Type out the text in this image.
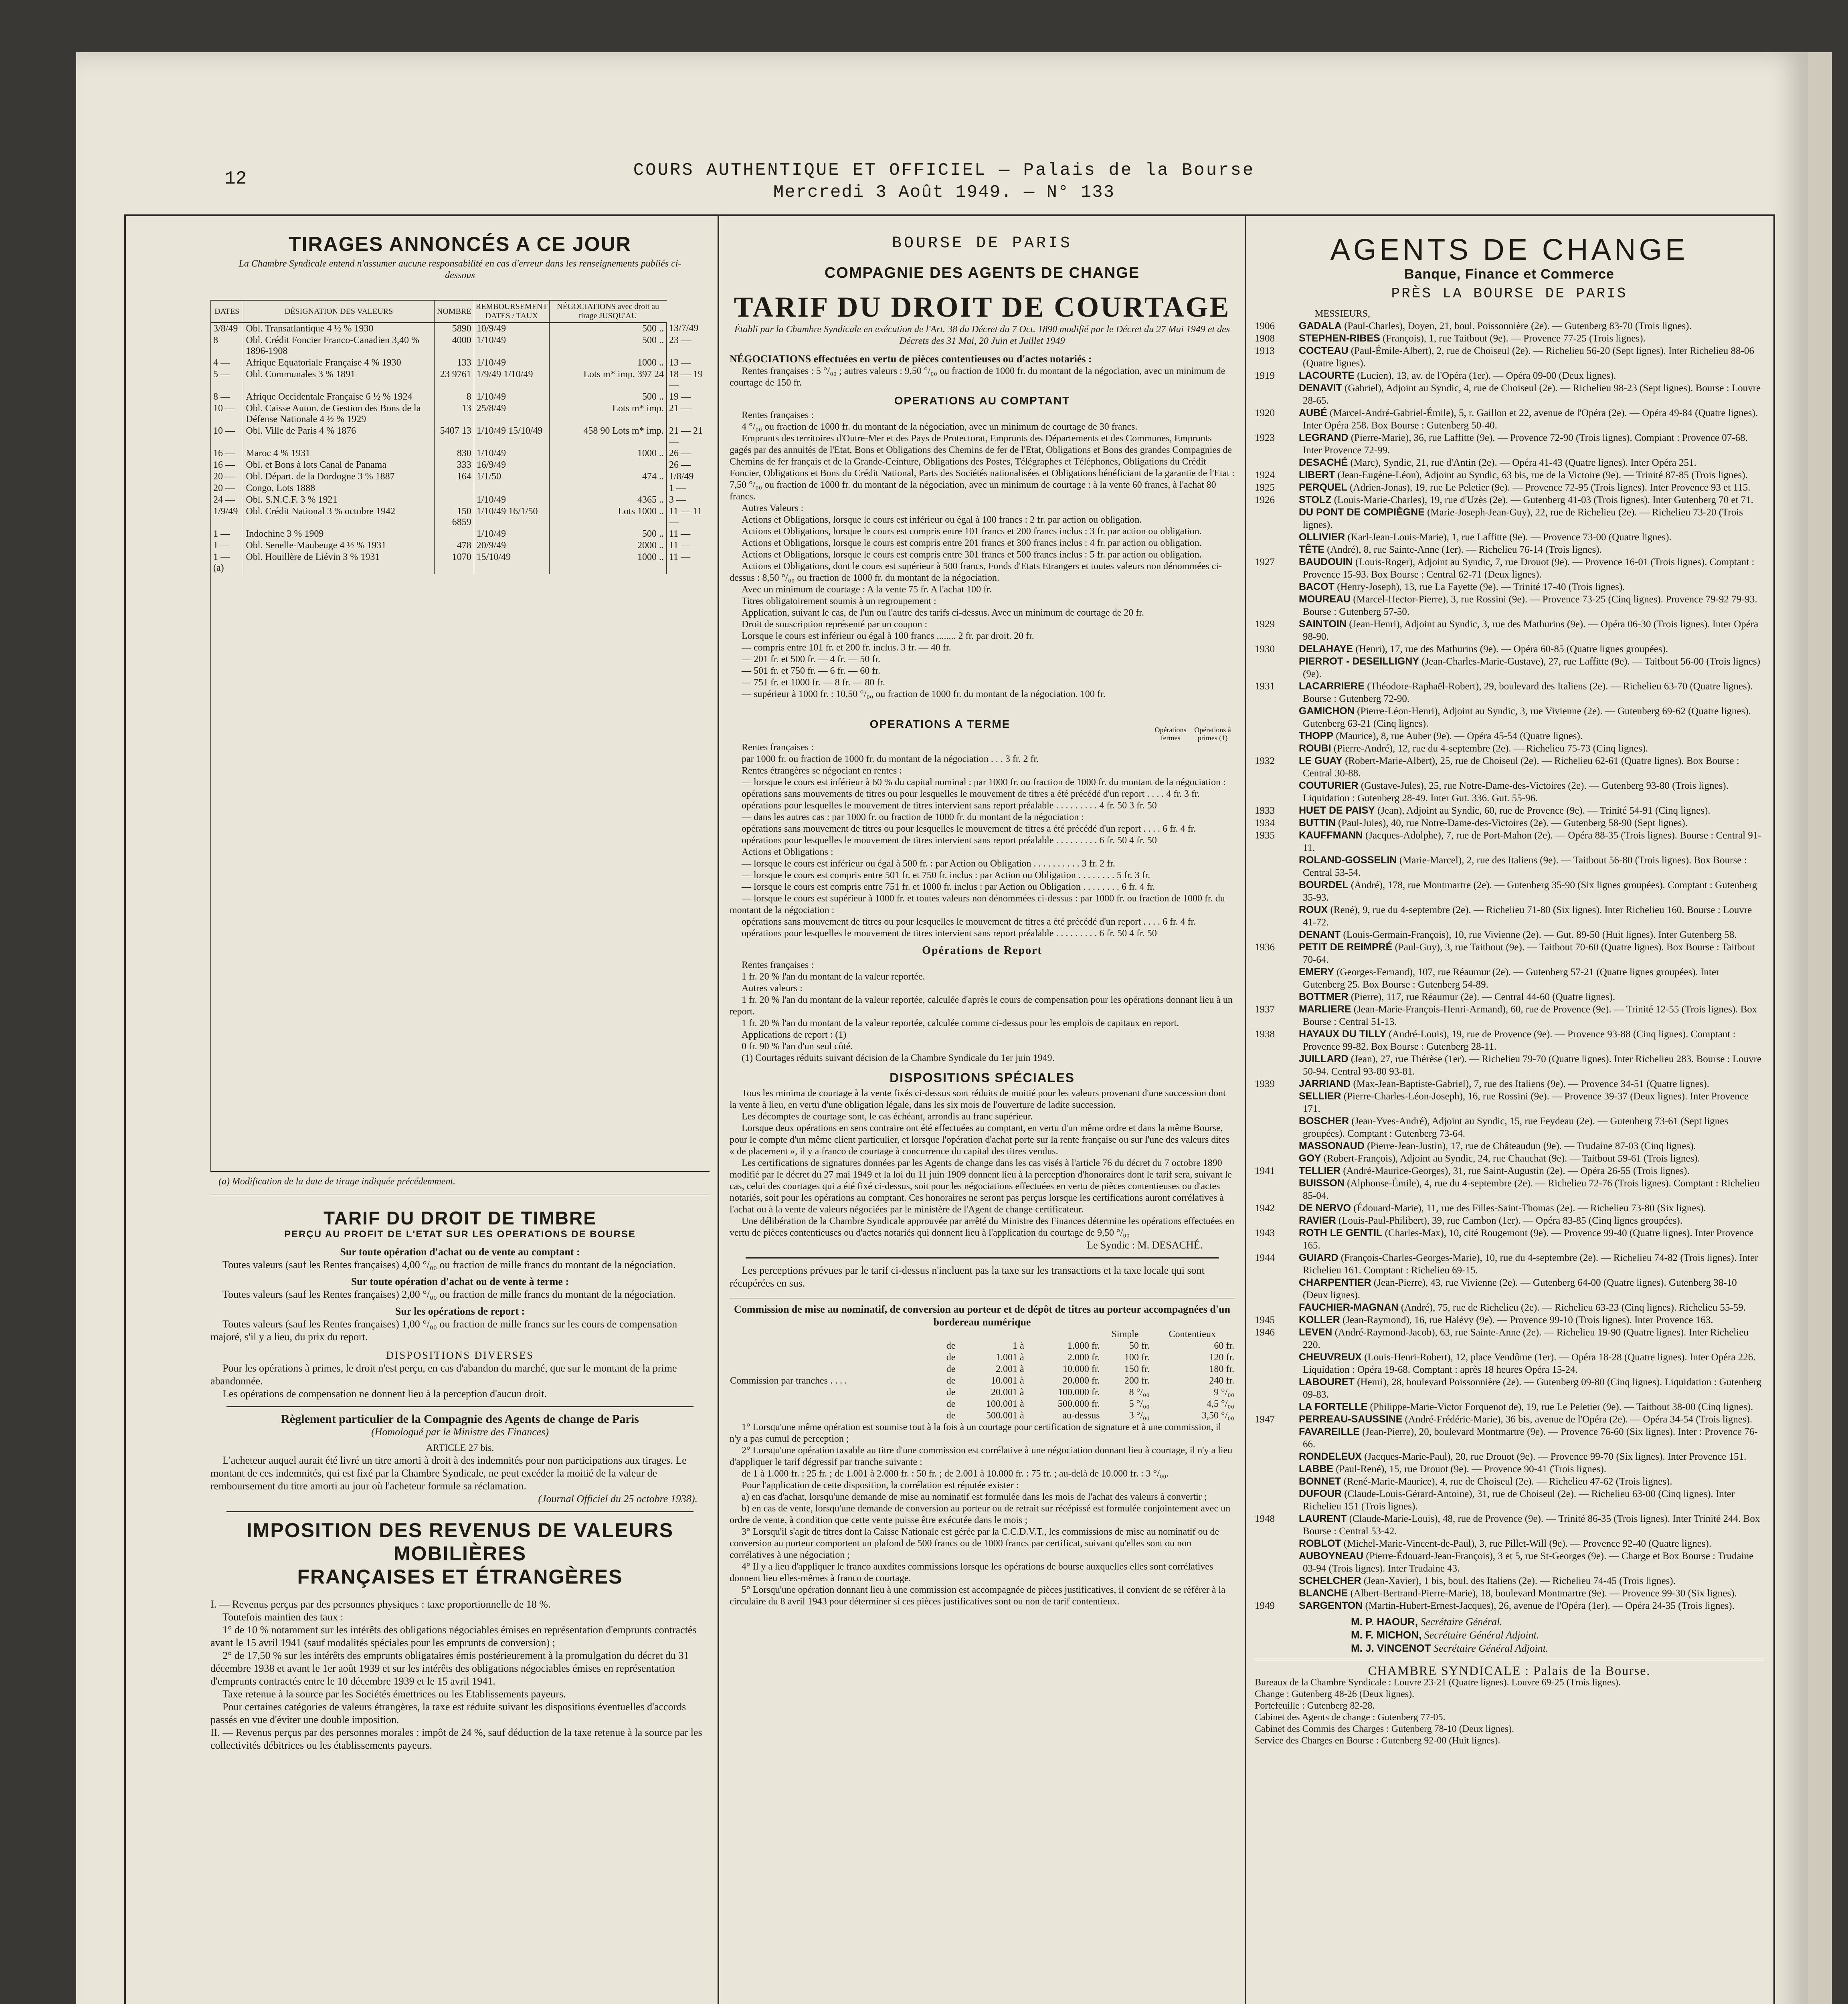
12	COURS AUTHENTIQUE ET OFFICIEL — Palais de la Bourse
Mercredi 3 Août 1949. — N° 133
TIRAGES ANNONCÉS A CE JOUR

La Chambre Syndicale entend n'assumer aucune responsabilité en cas d'erreur dans les renseignements publiés ci-dessous

DATES	DÉSIGNATION DES VALEURS	NOMBRE	REMBOURSEMENT
DATES / TAUX	NÉGOCIATIONS avec droit au tirage JUSQU'AU	
3/8/49	Obl. Transatlantique 4 ½ % 1930	5890	10/9/49	500 ..	13/7/49
8	Obl. Crédit Foncier Franco-Canadien 3,40 % 1896-1908	4000	1/10/49	500 ..	23 —
4 —	Afrique Equatoriale Française 4 % 1930	133	1/10/49	1000 ..	13 —
5 —	Obl. Communales 3 % 1891	23 9761	1/9/49 1/10/49	Lots m* imp. 397 24	18 — 19 —
8 —	Afrique Occidentale Française 6 ½ % 1924	8	1/10/49	500 ..	19 —
10 —	Obl. Caisse Auton. de Gestion des Bons de la Défense Nationale 4 ½ % 1929	13	25/8/49	Lots m* imp.	21 —
10 —	Obl. Ville de Paris 4 % 1876	5407 13	1/10/49 15/10/49	458 90 Lots m* imp.	21 — 21 —
16 —	Maroc 4 % 1931	830	1/10/49	1000 ..	26 —
16 —	Obl. et Bons à lots Canal de Panama	333	16/9/49		26 —
20 —	Obl. Départ. de la Dordogne 3 % 1887	164	1/1/50	474 ..	1/8/49
20 —	Congo, Lots 1888				1 —
24 —	Obl. S.N.C.F. 3 % 1921		1/10/49	4365 ..	3 —
1/9/49	Obl. Crédit National 3 % octobre 1942	150 6859	1/10/49 16/1/50	Lots 1000 ..	11 — 11 —
1 —	Indochine 3 % 1909		1/10/49	500 ..	11 —
1 —	Obl. Senelle-Maubeuge 4 ½ % 1931	478	20/9/49	2000 ..	11 —
1 — (a)	Obl. Houillère de Liévin 3 % 1931	1070	15/10/49	1000 ..	11 —

(a) Modification de la date de tirage indiquée précédemment.

TARIF DU DROIT DE TIMBRE
PERÇU AU PROFIT DE L'ETAT SUR LES OPERATIONS DE BOURSE

Sur toute opération d'achat ou de vente au comptant :

Toutes valeurs (sauf les Rentes françaises) 4,00 °/₀₀ ou fraction de mille francs du montant de la négociation.

Sur toute opération d'achat ou de vente à terme :

Toutes valeurs (sauf les Rentes françaises) 2,00 °/₀₀ ou fraction de mille francs du montant de la négociation.

Sur les opérations de report :

Toutes valeurs (sauf les Rentes françaises) 1,00 °/₀₀ ou fraction de mille francs sur les cours de compensation majoré, s'il y a lieu, du prix du report.

DISPOSITIONS DIVERSES

Pour les opérations à primes, le droit n'est perçu, en cas d'abandon du marché, que sur le montant de la prime abandonnée.

Les opérations de compensation ne donnent lieu à la perception d'aucun droit.

Règlement particulier de la Compagnie des Agents de change de Paris

(Homologué par le Ministre des Finances)

ARTICLE 27 bis.

L'acheteur auquel aurait été livré un titre amorti à droit à des indemnités pour non participations aux tirages. Le montant de ces indemnités, qui est fixé par la Chambre Syndicale, ne peut excéder la moitié de la valeur de remboursement du titre amorti au jour où l'acheteur formule sa réclamation.

(Journal Officiel du 25 octobre 1938).

IMPOSITION DES REVENUS DE VALEURS MOBILIÈRES
FRANÇAISES ET ÉTRANGÈRES

I. — Revenus perçus par des personnes physiques : taxe proportionnelle de 18 %.

Toutefois maintien des taux :

1° de 10 % notamment sur les intérêts des obligations négociables émises en représentation d'emprunts contractés avant le 15 avril 1941 (sauf modalités spéciales pour les emprunts de conversion) ;

2° de 17,50 % sur les intérêts des emprunts obligataires émis postérieurement à la promulgation du décret du 31 décembre 1938 et avant le 1er août 1939 et sur les intérêts des obligations négociables émises en représentation d'emprunts contractés entre le 10 décembre 1939 et le 15 avril 1941.

Taxe retenue à la source par les Sociétés émettrices ou les Etablissements payeurs.

Pour certaines catégories de valeurs étrangères, la taxe est réduite suivant les dispositions éventuelles d'accords passés en vue d'éviter une double imposition.

II. — Revenus perçus par des personnes morales : impôt de 24 %, sauf déduction de la taxe retenue à la source par les collectivités débitrices ou les établissements payeurs.

BOURSE DE PARIS
COMPAGNIE DES AGENTS DE CHANGE
TARIF DU DROIT DE COURTAGE

Établi par la Chambre Syndicale en exécution de l'Art. 38 du Décret du 7 Oct. 1890 modifié par le Décret du 27 Mai 1949 et des Décrets des 31 Mai, 20 Juin et Juillet 1949

NÉGOCIATIONS effectuées en vertu de pièces contentieuses ou d'actes notariés :

Rentes françaises : 5 °/₀₀ ; autres valeurs : 9,50 °/₀₀ ou fraction de 1000 fr. du montant de la négociation, avec un minimum de courtage de 150 fr.

OPERATIONS AU COMPTANT

Rentes françaises :

4 °/₀₀ ou fraction de 1000 fr. du montant de la négociation, avec un minimum de courtage de 30 francs.

Emprunts des territoires d'Outre-Mer et des Pays de Protectorat, Emprunts des Départements et des Communes, Emprunts gagés par des annuités de l'Etat, Bons et Obligations des Chemins de fer de l'Etat, Obligations et Bons des grandes Compagnies de Chemins de fer français et de la Grande-Ceinture, Obligations des Postes, Télégraphes et Téléphones, Obligations du Crédit Foncier, Obligations et Bons du Crédit National, Parts des Sociétés nationalisées et Obligations bénéficiant de la garantie de l'Etat : 7,50 °/₀₀ ou fraction de 1000 fr. du montant de la négociation, avec un minimum de courtage : à la vente 60 francs, à l'achat 80 francs.

Autres Valeurs :

Actions et Obligations, lorsque le cours est inférieur ou égal à 100 francs : 2 fr. par action ou obligation.

Actions et Obligations, lorsque le cours est compris entre 101 francs et 200 francs inclus : 3 fr. par action ou obligation.

Actions et Obligations, lorsque le cours est compris entre 201 francs et 300 francs inclus : 4 fr. par action ou obligation.

Actions et Obligations, lorsque le cours est compris entre 301 francs et 500 francs inclus : 5 fr. par action ou obligation.

Actions et Obligations, dont le cours est supérieur à 500 francs, Fonds d'Etats Etrangers et toutes valeurs non dénommées ci-dessus : 8,50 °/₀₀ ou fraction de 1000 fr. du montant de la négociation.

Avec un minimum de courtage : A la vente 75 fr. A l'achat 100 fr.

Titres obligatoirement soumis à un regroupement :

Application, suivant le cas, de l'un ou l'autre des tarifs ci-dessus. Avec un minimum de courtage de 20 fr.

Droit de souscription représenté par un coupon :

Lorsque le cours est inférieur ou égal à 100 francs ........ 2 fr. par droit. 20 fr.

— compris entre 101 fr. et 200 fr. inclus. 3 fr. — 40 fr.

— 201 fr. et 500 fr. — 4 fr. — 50 fr.

— 501 fr. et 750 fr. — 6 fr. — 60 fr.

— 751 fr. et 1000 fr. — 8 fr. — 80 fr.

— supérieur à 1000 fr. : 10,50 °/₀₀ ou fraction de 1000 fr. du montant de la négociation. 100 fr.

OPERATIONS A TERME	Opérations fermes

Opérations à primes (1)

Rentes françaises :

par 1000 fr. ou fraction de 1000 fr. du montant de la négociation . . . 3 fr. 2 fr.

Rentes étrangères se négociant en rentes :

— lorsque le cours est inférieur à 60 % du capital nominal : par 1000 fr. ou fraction de 1000 fr. du montant de la négociation :

opérations sans mouvements de titres ou pour lesquelles le mouvement de titres a été précédé d'un report . . . . 4 fr. 3 fr.

opérations pour lesquelles le mouvement de titres intervient sans report préalable . . . . . . . . . 4 fr. 50 3 fr. 50

— dans les autres cas : par 1000 fr. ou fraction de 1000 fr. du montant de la négociation :

opérations sans mouvement de titres ou pour lesquelles le mouvement de titres a été précédé d'un report . . . . 6 fr. 4 fr.

opérations pour lesquelles le mouvement de titres intervient sans report préalable . . . . . . . . . 6 fr. 50 4 fr. 50

Actions et Obligations :

— lorsque le cours est inférieur ou égal à 500 fr. : par Action ou Obligation . . . . . . . . . . 3 fr. 2 fr.

— lorsque le cours est compris entre 501 fr. et 750 fr. inclus : par Action ou Obligation . . . . . . . . 5 fr. 3 fr.

— lorsque le cours est compris entre 751 fr. et 1000 fr. inclus : par Action ou Obligation . . . . . . . . 6 fr. 4 fr.

— lorsque le cours est supérieur à 1000 fr. et toutes valeurs non dénommées ci-dessus : par 1000 fr. ou fraction de 1000 fr. du montant de la négociation :

opérations sans mouvement de titres ou pour lesquelles le mouvement de titres a été précédé d'un report . . . . 6 fr. 4 fr.

opérations pour lesquelles le mouvement de titres intervient sans report préalable . . . . . . . . . 6 fr. 50 4 fr. 50

Opérations de Report

Rentes françaises :

1 fr. 20 % l'an du montant de la valeur reportée.

Autres valeurs :

1 fr. 20 % l'an du montant de la valeur reportée, calculée d'après le cours de compensation pour les opérations donnant lieu à un report.

1 fr. 20 % l'an du montant de la valeur reportée, calculée comme ci-dessus pour les emplois de capitaux en report.

Applications de report : (1)

0 fr. 90 % l'an d'un seul côté.

(1) Courtages réduits suivant décision de la Chambre Syndicale du 1er juin 1949.

DISPOSITIONS SPÉCIALES

Tous les minima de courtage à la vente fixés ci-dessus sont réduits de moitié pour les valeurs provenant d'une succession dont la vente à lieu, en vertu d'une obligation légale, dans les six mois de l'ouverture de ladite succession.

Les décomptes de courtage sont, le cas échéant, arrondis au franc supérieur.

Lorsque deux opérations en sens contraire ont été effectuées au comptant, en vertu d'un même ordre et dans la même Bourse, pour le compte d'un même client particulier, et lorsque l'opération d'achat porte sur la rente française ou sur l'une des valeurs dites « de placement », il y a franco de courtage à concurrence du capital des titres vendus.

Les certifications de signatures données par les Agents de change dans les cas visés à l'article 76 du décret du 7 octobre 1890 modifié par le décret du 27 mai 1949 et la loi du 11 juin 1909 donnent lieu à la perception d'honoraires dont le tarif sera, suivant le cas, celui des courtages qui a été fixé ci-dessus, soit pour les négociations effectuées en vertu de pièces contentieuses ou d'actes notariés, soit pour les opérations au comptant. Ces honoraires ne seront pas perçus lorsque les certifications auront corrélatives à l'achat ou à la vente de valeurs négociées par le ministère de l'Agent de change certificateur.

Une délibération de la Chambre Syndicale approuvée par arrêté du Ministre des Finances détermine les opérations effectuées en vertu de pièces contentieuses ou d'actes notariés qui donnent lieu à l'application du courtage de 9,50 °/₀₀

Le Syndic : M. DESACHÉ.

Les perceptions prévues par le tarif ci-dessus n'incluent pas la taxe sur les transactions et la taxe locale qui sont récupérées en sus.

Commission de mise au nominatif, de conversion au porteur et de dépôt de titres au porteur accompagnées d'un bordereau numérique

				Simple	Contentieux
Commission par tranches . . . .	de	1 à	1.000 fr.	50 fr.	60 fr.
	de	1.001 à	2.000 fr.	100 fr.	120 fr.
	de	2.001 à	10.000 fr.	150 fr.	180 fr.
	de	10.001 à	20.000 fr.	200 fr.	240 fr.
	de	20.001 à	100.000 fr.	8 °/₀₀	9 °/₀₀
	de	100.001 à	500.000 fr.	5 °/₀₀	4,5 °/₀₀
	de	500.001 à	au-dessus	3 °/₀₀	3,50 °/₀₀

1° Lorsqu'une même opération est soumise tout à la fois à un courtage pour certification de signature et à une commission, il n'y a pas cumul de perception ;

2° Lorsqu'une opération taxable au titre d'une commission est corrélative à une négociation donnant lieu à courtage, il n'y a lieu d'appliquer le tarif dégressif par tranche suivante :

de 1 à 1.000 fr. : 25 fr. ; de 1.001 à 2.000 fr. : 50 fr. ; de 2.001 à 10.000 fr. : 75 fr. ; au-delà de 10.000 fr. : 3 °/₀₀.

Pour l'application de cette disposition, la corrélation est réputée exister :

a) en cas d'achat, lorsqu'une demande de mise au nominatif est formulée dans les mois de l'achat des valeurs à convertir ;

b) en cas de vente, lorsqu'une demande de conversion au porteur ou de retrait sur récépissé est formulée conjointement avec un ordre de vente, à condition que cette vente puisse être exécutée dans le mois ;

3° Lorsqu'il s'agit de titres dont la Caisse Nationale est gérée par la C.C.D.V.T., les commissions de mise au nominatif ou de conversion au porteur comportent un plafond de 500 francs ou de 1000 francs par certificat, suivant qu'elles sont ou non corrélatives à une négociation ;

4° Il y a lieu d'appliquer le franco auxdites commissions lorsque les opérations de bourse auxquelles elles sont corrélatives donnent lieu elles-mêmes à franco de courtage.

5° Lorsqu'une opération donnant lieu à une commission est accompagnée de pièces justificatives, il convient de se référer à la circulaire du 8 avril 1943 pour déterminer si ces pièces justificatives sont ou non de tarif contentieux.

AGENTS DE CHANGE
Banque, Finance et Commerce
PRÈS LA BOURSE DE PARIS

MESSIEURS,

1906 GADALA (Paul-Charles), Doyen, 21, boul. Poissonnière (2e). — Gutenberg 83-70 (Trois lignes).

1908 STEPHEN-RIBES (François), 1, rue Taitbout (9e). — Provence 77-25 (Trois lignes).

1913 COCTEAU (Paul-Émile-Albert), 2, rue de Choiseul (2e). — Richelieu 56-20 (Sept lignes). Inter Richelieu 88-06 (Quatre lignes).

1919 LACOURTE (Lucien), 13, av. de l'Opéra (1er). — Opéra 09-00 (Deux lignes).

DENAVIT (Gabriel), Adjoint au Syndic, 4, rue de Choiseul (2e). — Richelieu 98-23 (Sept lignes). Bourse : Louvre 28-65.

1920 AUBÉ (Marcel-André-Gabriel-Émile), 5, r. Gaillon et 22, avenue de l'Opéra (2e). — Opéra 49-84 (Quatre lignes). Inter Opéra 258. Box Bourse : Gutenberg 50-40.

1923 LEGRAND (Pierre-Marie), 36, rue Laffitte (9e). — Provence 72-90 (Trois lignes). Compiant : Provence 07-68. Inter Provence 72-99.

DESACHÉ (Marc), Syndic, 21, rue d'Antin (2e). — Opéra 41-43 (Quatre lignes). Inter Opéra 251.

1924 LIBERT (Jean-Eugène-Léon), Adjoint au Syndic, 63 bis, rue de la Victoire (9e). — Trinité 87-85 (Trois lignes).

1925 PERQUEL (Adrien-Jonas), 19, rue Le Peletier (9e). — Provence 72-95 (Trois lignes). Inter Provence 93 et 115.

1926 STOLZ (Louis-Marie-Charles), 19, rue d'Uzès (2e). — Gutenberg 41-03 (Trois lignes). Inter Gutenberg 70 et 71.

DU PONT DE COMPIÈGNE (Marie-Joseph-Jean-Guy), 22, rue de Richelieu (2e). — Richelieu 73-20 (Trois lignes).

OLLIVIER (Karl-Jean-Louis-Marie), 1, rue Laffitte (9e). — Provence 73-00 (Quatre lignes).

TÊTE (André), 8, rue Sainte-Anne (1er). — Richelieu 76-14 (Trois lignes).

1927 BAUDOUIN (Louis-Roger), Adjoint au Syndic, 7, rue Drouot (9e). — Provence 16-01 (Trois lignes). Comptant : Provence 15-93. Box Bourse : Central 62-71 (Deux lignes).

BACOT (Henry-Joseph), 13, rue La Fayette (9e). — Trinité 17-40 (Trois lignes).

MOUREAU (Marcel-Hector-Pierre), 3, rue Rossini (9e). — Provence 73-25 (Cinq lignes). Provence 79-92 79-93. Bourse : Gutenberg 57-50.

1929 SAINTOIN (Jean-Henri), Adjoint au Syndic, 3, rue des Mathurins (9e). — Opéra 06-30 (Trois lignes). Inter Opéra 98-90.

1930 DELAHAYE (Henri), 17, rue des Mathurins (9e). — Opéra 60-85 (Quatre lignes groupées).

PIERROT - DESEILLIGNY (Jean-Charles-Marie-Gustave), 27, rue Laffitte (9e). — Taitbout 56-00 (Trois lignes) (9e).

1931 LACARRIERE (Théodore-Raphaël-Robert), 29, boulevard des Italiens (2e). — Richelieu 63-70 (Quatre lignes). Bourse : Gutenberg 72-90.

GAMICHON (Pierre-Léon-Henri), Adjoint au Syndic, 3, rue Vivienne (2e). — Gutenberg 69-62 (Quatre lignes). Gutenberg 63-21 (Cinq lignes).

THOPP (Maurice), 8, rue Auber (9e). — Opéra 45-54 (Quatre lignes).

ROUBI (Pierre-André), 12, rue du 4-septembre (2e). — Richelieu 75-73 (Cinq lignes).

1932 LE GUAY (Robert-Marie-Albert), 25, rue de Choiseul (2e). — Richelieu 62-61 (Quatre lignes). Box Bourse : Central 30-88.

COUTURIER (Gustave-Jules), 25, rue Notre-Dame-des-Victoires (2e). — Gutenberg 93-80 (Trois lignes). Liquidation : Gutenberg 28-49. Inter Gut. 336. Gut. 55-96.

1933 HUET DE PAISY (Jean), Adjoint au Syndic, 60, rue de Provence (9e). — Trinité 54-91 (Cinq lignes).

1934 BUTTIN (Paul-Jules), 40, rue Notre-Dame-des-Victoires (2e). — Gutenberg 58-90 (Sept lignes).

1935 KAUFFMANN (Jacques-Adolphe), 7, rue de Port-Mahon (2e). — Opéra 88-35 (Trois lignes). Bourse : Central 91-11.

ROLAND-GOSSELIN (Marie-Marcel), 2, rue des Italiens (9e). — Taitbout 56-80 (Trois lignes). Box Bourse : Central 53-54.

BOURDEL (André), 178, rue Montmartre (2e). — Gutenberg 35-90 (Six lignes groupées). Comptant : Gutenberg 35-93.

ROUX (René), 9, rue du 4-septembre (2e). — Richelieu 71-80 (Six lignes). Inter Richelieu 160. Bourse : Louvre 41-72.

DENANT (Louis-Germain-François), 10, rue Vivienne (2e). — Gut. 89-50 (Huit lignes). Inter Gutenberg 58.

1936 PETIT DE REIMPRÉ (Paul-Guy), 3, rue Taitbout (9e). — Taitbout 70-60 (Quatre lignes). Box Bourse : Taitbout 70-64.

EMERY (Georges-Fernand), 107, rue Réaumur (2e). — Gutenberg 57-21 (Quatre lignes groupées). Inter Gutenberg 25. Box Bourse : Gutenberg 54-89.

BOTTMER (Pierre), 117, rue Réaumur (2e). — Central 44-60 (Quatre lignes).

1937 MARLIERE (Jean-Marie-François-Henri-Armand), 60, rue de Provence (9e). — Trinité 12-55 (Trois lignes). Box Bourse : Central 51-13.

1938 HAYAUX DU TILLY (André-Louis), 19, rue de Provence (9e). — Provence 93-88 (Cinq lignes). Comptant : Provence 99-82. Box Bourse : Gutenberg 28-11.

JUILLARD (Jean), 27, rue Thérèse (1er). — Richelieu 79-70 (Quatre lignes). Inter Richelieu 283. Bourse : Louvre 50-94. Central 93-80 93-81.

1939 JARRIAND (Max-Jean-Baptiste-Gabriel), 7, rue des Italiens (9e). — Provence 34-51 (Quatre lignes).

SELLIER (Pierre-Charles-Léon-Joseph), 16, rue Rossini (9e). — Provence 39-37 (Deux lignes). Inter Provence 171.

BOSCHER (Jean-Yves-André), Adjoint au Syndic, 15, rue Feydeau (2e). — Gutenberg 73-61 (Sept lignes groupées). Comptant : Gutenberg 73-64.

MASSONAUD (Pierre-Jean-Justin), 17, rue de Châteaudun (9e). — Trudaine 87-03 (Cinq lignes).

GOY (Robert-François), Adjoint au Syndic, 24, rue Chauchat (9e). — Taitbout 59-61 (Trois lignes).

1941 TELLIER (André-Maurice-Georges), 31, rue Saint-Augustin (2e). — Opéra 26-55 (Trois lignes).

BUISSON (Alphonse-Émile), 4, rue du 4-septembre (2e). — Richelieu 72-76 (Trois lignes). Comptant : Richelieu 85-04.

1942 DE NERVO (Édouard-Marie), 11, rue des Filles-Saint-Thomas (2e). — Richelieu 73-80 (Six lignes).

RAVIER (Louis-Paul-Philibert), 39, rue Cambon (1er). — Opéra 83-85 (Cinq lignes groupées).

1943 ROTH LE GENTIL (Charles-Max), 10, cité Rougemont (9e). — Provence 99-40 (Quatre lignes). Inter Provence 165.

1944 GUIARD (François-Charles-Georges-Marie), 10, rue du 4-septembre (2e). — Richelieu 74-82 (Trois lignes). Inter Richelieu 161. Comptant : Richelieu 69-15.

CHARPENTIER (Jean-Pierre), 43, rue Vivienne (2e). — Gutenberg 64-00 (Quatre lignes). Gutenberg 38-10 (Deux lignes).

FAUCHIER-MAGNAN (André), 75, rue de Richelieu (2e). — Richelieu 63-23 (Cinq lignes). Richelieu 55-59.

1945 KOLLER (Jean-Raymond), 16, rue Halévy (9e). — Provence 99-10 (Trois lignes). Inter Provence 163.

1946 LEVEN (André-Raymond-Jacob), 63, rue Sainte-Anne (2e). — Richelieu 19-90 (Quatre lignes). Inter Richelieu 220.

CHEUVREUX (Louis-Henri-Robert), 12, place Vendôme (1er). — Opéra 18-28 (Quatre lignes). Inter Opéra 226. Liquidation : Opéra 19-68. Comptant : après 18 heures Opéra 15-24.

LABOURET (Henri), 28, boulevard Poissonnière (2e). — Gutenberg 09-80 (Cinq lignes). Liquidation : Gutenberg 09-83.

LA FORTELLE (Philippe-Marie-Victor Forquenot de), 19, rue Le Peletier (9e). — Taitbout 38-00 (Cinq lignes).

1947 PERREAU-SAUSSINE (André-Frédéric-Marie), 36 bis, avenue de l'Opéra (2e). — Opéra 34-54 (Trois lignes).

FAVAREILLE (Jean-Pierre), 20, boulevard Montmartre (9e). — Provence 76-60 (Six lignes). Inter : Provence 76-66.

RONDELEUX (Jacques-Marie-Paul), 20, rue Drouot (9e). — Provence 99-70 (Six lignes). Inter Provence 151.

LABBE (Paul-René), 15, rue Drouot (9e). — Provence 90-41 (Trois lignes).

BONNET (René-Marie-Maurice), 4, rue de Choiseul (2e). — Richelieu 47-62 (Trois lignes).

DUFOUR (Claude-Louis-Gérard-Antoine), 31, rue de Choiseul (2e). — Richelieu 63-00 (Cinq lignes). Inter Richelieu 151 (Trois lignes).

1948 LAURENT (Claude-Marie-Louis), 48, rue de Provence (9e). — Trinité 86-35 (Trois lignes). Inter Trinité 244. Box Bourse : Central 53-42.

ROBLOT (Michel-Marie-Vincent-de-Paul), 3, rue Pillet-Will (9e). — Provence 92-40 (Quatre lignes).

AUBOYNEAU (Pierre-Édouard-Jean-François), 3 et 5, rue St-Georges (9e). — Charge et Box Bourse : Trudaine 03-94 (Trois lignes). Inter Trudaine 43.

SCHELCHER (Jean-Xavier), 1 bis, boul. des Italiens (2e). — Richelieu 74-45 (Trois lignes).

BLANCHE (Albert-Bertrand-Pierre-Marie), 18, boulevard Montmartre (9e). — Provence 99-30 (Six lignes).

1949 SARGENTON (Martin-Hubert-Ernest-Jacques), 26, avenue de l'Opéra (1er). — Opéra 24-35 (Trois lignes).

M. P. HAOUR, Secrétaire Général.

M. F. MICHON, Secrétaire Général Adjoint.

M. J. VINCENOT Secrétaire Général Adjoint.

CHAMBRE SYNDICALE : Palais de la Bourse.

Bureaux de la Chambre Syndicale : Louvre 23-21 (Quatre lignes). Louvre 69-25 (Trois lignes).

Change : Gutenberg 48-26 (Deux lignes).

Portefeuille : Gutenberg 82-28.

Cabinet des Agents de change : Gutenberg 77-05.

Cabinet des Commis des Charges : Gutenberg 78-10 (Deux lignes).

Service des Charges en Bourse : Gutenberg 92-00 (Huit lignes).
